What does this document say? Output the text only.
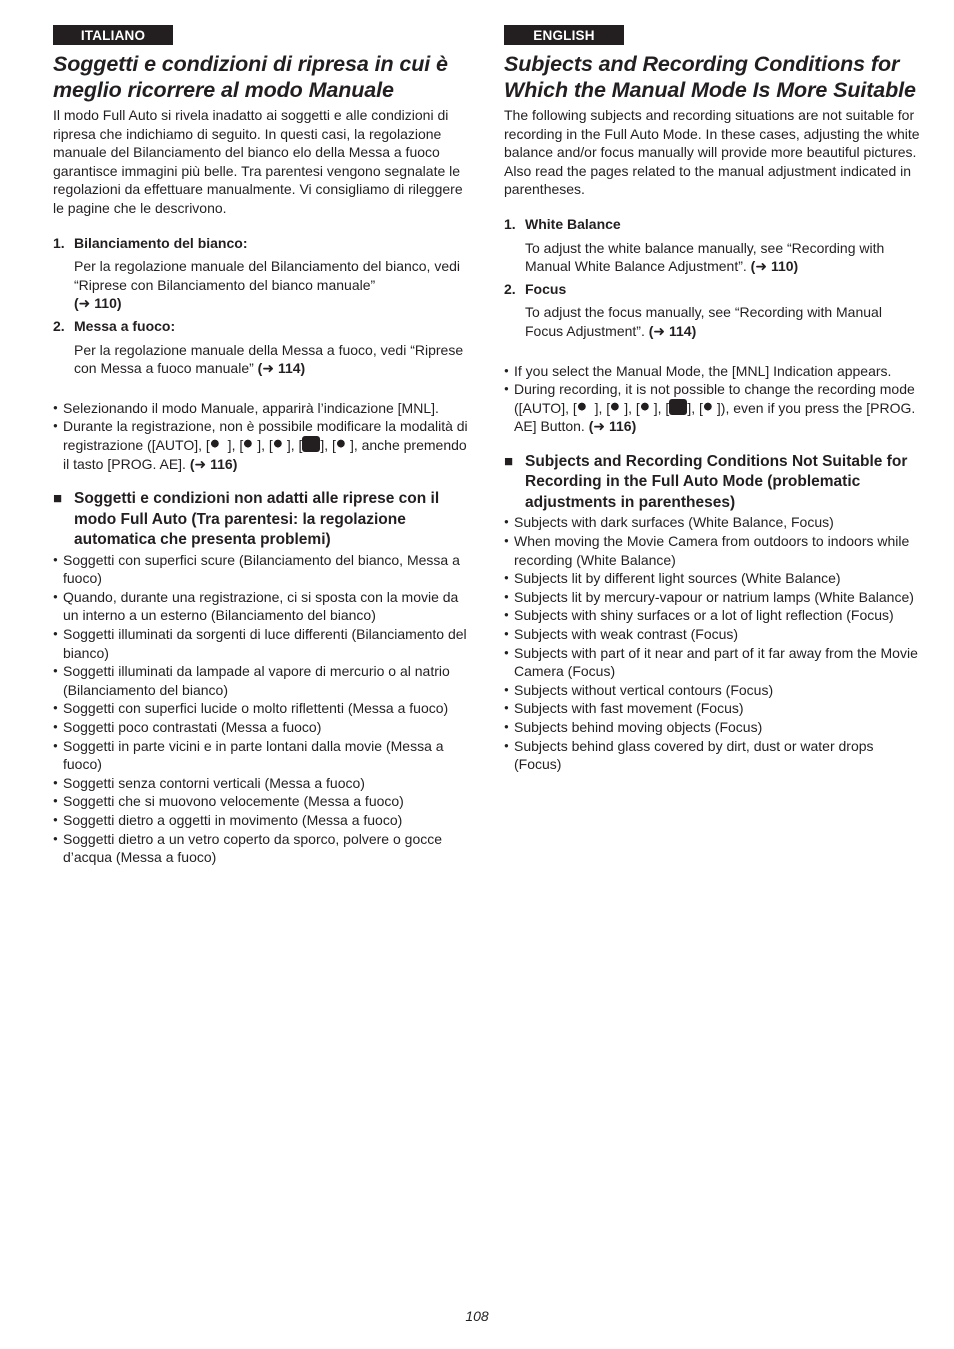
ITALIANO
Soggetti e condizioni di ripresa in cui è meglio ricorrere al modo Manuale

Il modo Full Auto si rivela inadatto ai soggetti e alle condizioni di ripresa che indichiamo di seguito. In questi casi, la regolazione manuale del Bilanciamento del bianco elo della Messa a fuoco garantisce immagini più belle. Tra parentesi vengono segnalate le regolazioni da effettuare manualmente. Vi consigliamo di rileggere le pagine che le descrivono.

1. Bilanciamento del bianco:
Per la regolazione manuale del Bilanciamento del bianco, vedi “Riprese con Bilanciamento del bianco manuale”
(➜ 110)
2. Messa a fuoco:
Per la regolazione manuale della Messa a fuoco, vedi “Riprese con Messa a fuoco manuale” (➜ 114)
● Selezionando il modo Manuale, apparirà l’indicazione [MNL].
● Durante la registrazione, non è possibile modificare la modalità di registrazione ([AUTO], [ ], [ ], [ ], [ ], [ ], anche premendo il tasto [PROG. AE]. (➜ 116)
■ Soggetti e condizioni non adatti alle riprese con il modo Full Auto (Tra parentesi: la regolazione automatica che presenta problemi)
● Soggetti con superfici scure (Bilanciamento del bianco, Messa a fuoco)
● Quando, durante una registrazione, ci si sposta con la movie da un interno a un esterno (Bilanciamento del bianco)
● Soggetti illuminati da sorgenti di luce differenti (Bilanciamento del bianco)
● Soggetti illuminati da lampade al vapore di mercurio o al natrio (Bilanciamento del bianco)
● Soggetti con superfici lucide o molto riflettenti (Messa a fuoco)
● Soggetti poco contrastati (Messa a fuoco)
● Soggetti in parte vicini e in parte lontani dalla movie (Messa a fuoco)
● Soggetti senza contorni verticali (Messa a fuoco)
● Soggetti che si muovono velocemente (Messa a fuoco)
● Soggetti dietro a oggetti in movimento (Messa a fuoco)
● Soggetti dietro a un vetro coperto da sporco, polvere o gocce d’acqua (Messa a fuoco)
ENGLISH
Subjects and Recording Conditions for Which the Manual Mode Is More Suitable

The following subjects and recording situations are not suitable for recording in the Full Auto Mode. In these cases, adjusting the white balance and/or focus manually will provide more beautiful pictures. Also read the pages related to the manual adjustment indicated in parentheses.

1. White Balance
To adjust the white balance manually, see “Recording with Manual White Balance Adjustment”. (➜ 110)
2. Focus
To adjust the focus manually, see “Recording with Manual Focus Adjustment”. (➜ 114)
● If you select the Manual Mode, the [MNL] Indication appears.
● During recording, it is not possible to change the recording mode ([AUTO], [ ], [ ], [ ], [ ], [ ]), even if you press the [PROG. AE] Button. (➜ 116)
■ Subjects and Recording Conditions Not Suitable for Recording in the Full Auto Mode (problematic adjustments in parentheses)
● Subjects with dark surfaces (White Balance, Focus)
● When moving the Movie Camera from outdoors to indoors while recording (White Balance)
● Subjects lit by different light sources (White Balance)
● Subjects lit by mercury-vapour or natrium lamps (White Balance)
● Subjects with shiny surfaces or a lot of light reflection (Focus)
● Subjects with weak contrast (Focus)
● Subjects with part of it near and part of it far away from the Movie Camera (Focus)
● Subjects without vertical contours (Focus)
● Subjects with fast movement (Focus)
● Subjects behind moving objects (Focus)
● Subjects behind glass covered by dirt, dust or water drops (Focus)
108
